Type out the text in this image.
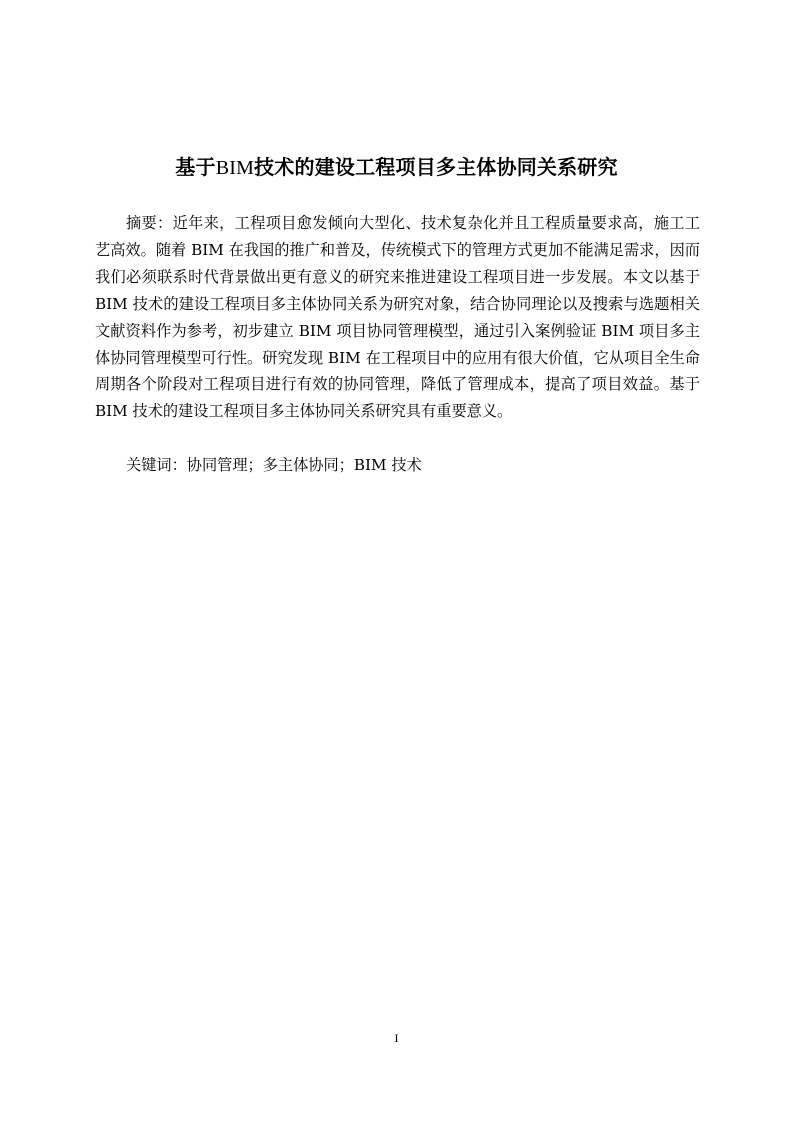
基于BIM技术的建设工程项目多主体协同关系研究
摘要：近年来，工程项目愈发倾向大型化、技术复杂化并且工程质量要求高，施工工艺高效。随着 BIM 在我国的推广和普及，传统模式下的管理方式更加不能满足需求，因而我们必须联系时代背景做出更有意义的研究来推进建设工程项目进一步发展。本文以基于 BIM 技术的建设工程项目多主体协同关系为研究对象，结合协同理论以及搜索与选题相关文献资料作为参考，初步建立 BIM 项目协同管理模型，通过引入案例验证 BIM 项目多主体协同管理模型可行性。研究发现 BIM 在工程项目中的应用有很大价值，它从项目全生命周期各个阶段对工程项目进行有效的协同管理，降低了管理成本，提高了项目效益。基于 BIM 技术的建设工程项目多主体协同关系研究具有重要意义。
关键词：协同管理；多主体协同；BIM 技术
I
